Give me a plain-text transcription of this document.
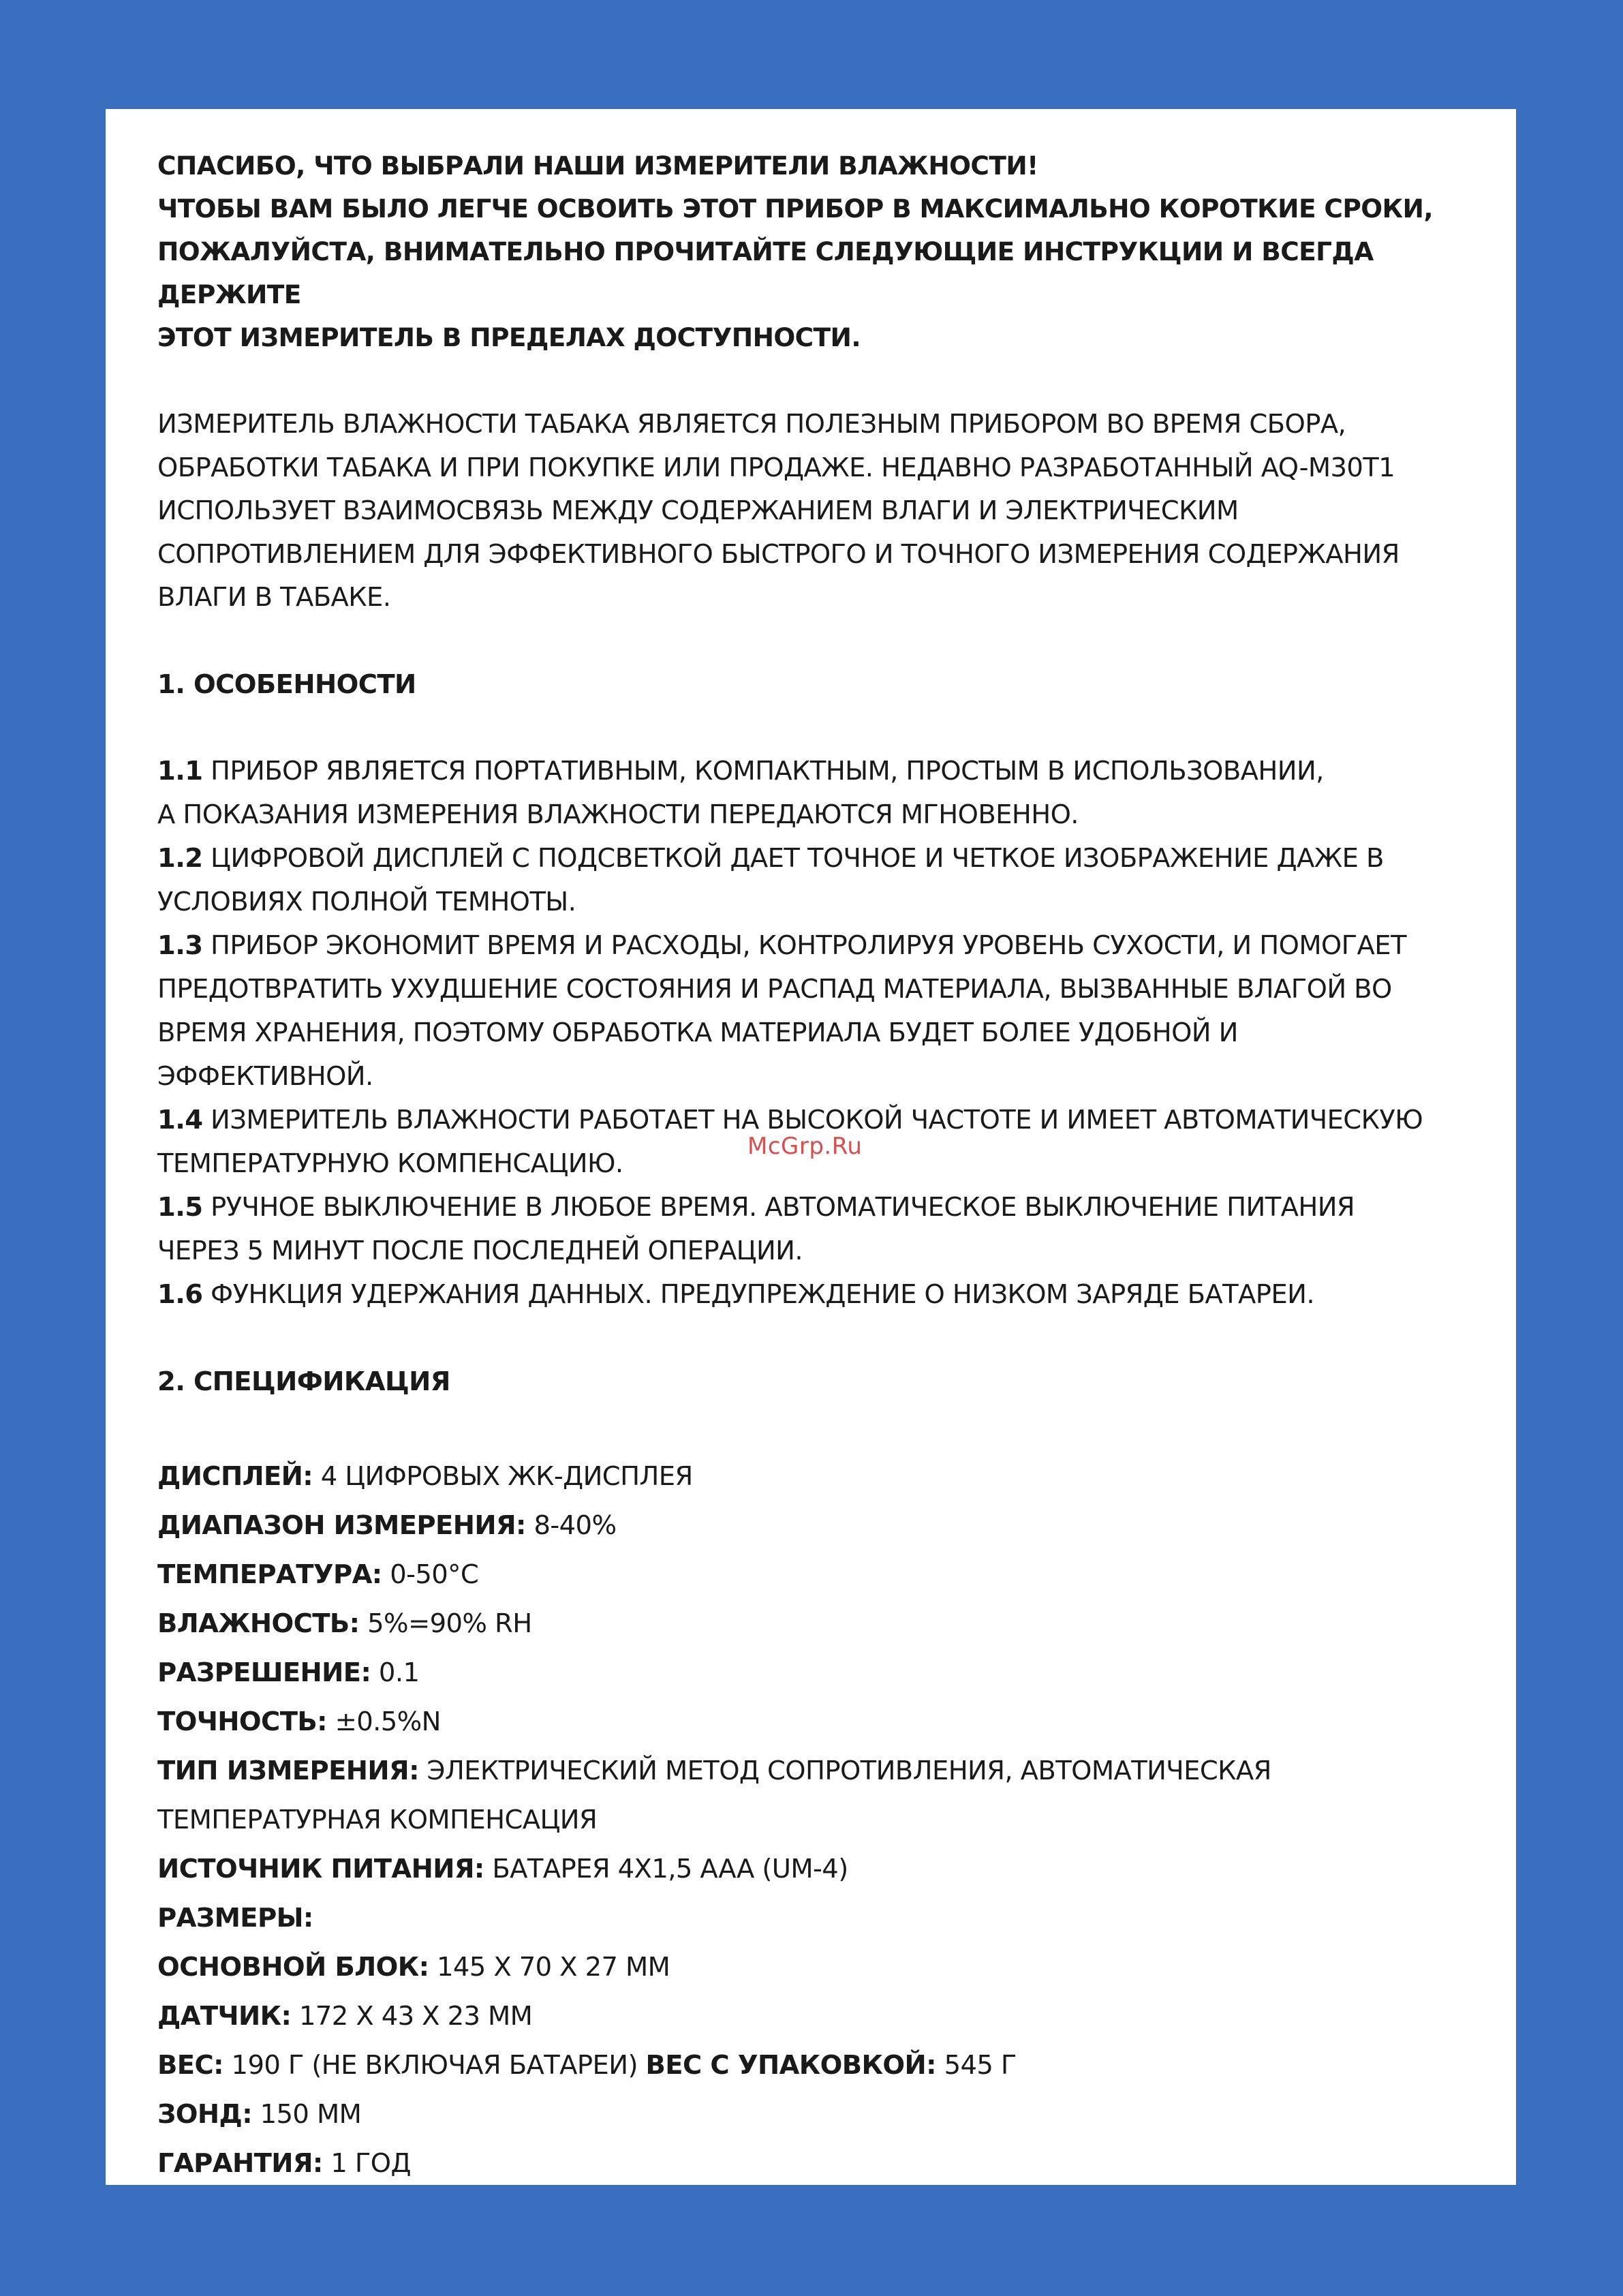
СПАСИБО, ЧТО ВЫБРАЛИ НАШИ ИЗМЕРИТЕЛИ ВЛАЖНОСТИ!

ЧТОБЫ ВАМ БЫЛО ЛЕГЧЕ ОСВОИТЬ ЭТОТ ПРИБОР В МАКСИМАЛЬНО КОРОТКИЕ СРОКИ,

ПОЖАЛУЙСТА, ВНИМАТЕЛЬНО ПРОЧИТАЙТЕ СЛЕДУЮЩИЕ ИНСТРУКЦИИ И ВСЕГДА ДЕРЖИТЕ

ЭТОТ ИЗМЕРИТЕЛЬ В ПРЕДЕЛАХ ДОСТУПНОСТИ.

ИЗМЕРИТЕЛЬ ВЛАЖНОСТИ ТАБАКА ЯВЛЯЕТСЯ ПОЛЕЗНЫМ ПРИБОРОМ ВО ВРЕМЯ СБОРА,

ОБРАБОТКИ ТАБАКА И ПРИ ПОКУПКЕ ИЛИ ПРОДАЖЕ. НЕДАВНО РАЗРАБОТАННЫЙ AQ-M30T1

ИСПОЛЬЗУЕТ ВЗАИМОСВЯЗЬ МЕЖДУ СОДЕРЖАНИЕМ ВЛАГИ И ЭЛЕКТРИЧЕСКИМ

СОПРОТИВЛЕНИЕМ ДЛЯ ЭФФЕКТИВНОГО БЫСТРОГО И ТОЧНОГО ИЗМЕРЕНИЯ СОДЕРЖАНИЯ

ВЛАГИ В ТАБАКЕ.

1. ОСОБЕННОСТИ

1.1 ПРИБОР ЯВЛЯЕТСЯ ПОРТАТИВНЫМ, КОМПАКТНЫМ, ПРОСТЫМ В ИСПОЛЬЗОВАНИИ,

А ПОКАЗАНИЯ ИЗМЕРЕНИЯ ВЛАЖНОСТИ ПЕРЕДАЮТСЯ МГНОВЕННО.

1.2 ЦИФРОВОЙ ДИСПЛЕЙ С ПОДСВЕТКОЙ ДАЕТ ТОЧНОЕ И ЧЕТКОЕ ИЗОБРАЖЕНИЕ ДАЖЕ В

УСЛОВИЯХ ПОЛНОЙ ТЕМНОТЫ.

1.3 ПРИБОР ЭКОНОМИТ ВРЕМЯ И РАСХОДЫ, КОНТРОЛИРУЯ УРОВЕНЬ СУХОСТИ, И ПОМОГАЕТ

ПРЕДОТВРАТИТЬ УХУДШЕНИЕ СОСТОЯНИЯ И РАСПАД МАТЕРИАЛА, ВЫЗВАННЫЕ ВЛАГОЙ ВО

ВРЕМЯ ХРАНЕНИЯ, ПОЭТОМУ ОБРАБОТКА МАТЕРИАЛА БУДЕТ БОЛЕЕ УДОБНОЙ И

ЭФФЕКТИВНОЙ.

1.4 ИЗМЕРИТЕЛЬ ВЛАЖНОСТИ РАБОТАЕТ НА ВЫСОКОЙ ЧАСТОТЕ И ИМЕЕТ АВТОМАТИЧЕСКУЮ

ТЕМПЕРАТУРНУЮ КОМПЕНСАЦИЮ.

1.5 РУЧНОЕ ВЫКЛЮЧЕНИЕ В ЛЮБОЕ ВРЕМЯ. АВТОМАТИЧЕСКОЕ ВЫКЛЮЧЕНИЕ ПИТАНИЯ

ЧЕРЕЗ 5 МИНУТ ПОСЛЕ ПОСЛЕДНЕЙ ОПЕРАЦИИ.

1.6 ФУНКЦИЯ УДЕРЖАНИЯ ДАННЫХ. ПРЕДУПРЕЖДЕНИЕ О НИЗКОМ ЗАРЯДЕ БАТАРЕИ.

2. СПЕЦИФИКАЦИЯ

ДИСПЛЕЙ: 4 ЦИФРОВЫХ ЖК-ДИСПЛЕЯ

ДИАПАЗОН ИЗМЕРЕНИЯ: 8-40%

ТЕМПЕРАТУРА: 0-50°C

ВЛАЖНОСТЬ: 5%=90% RH

РАЗРЕШЕНИЕ: 0.1

ТОЧНОСТЬ: ±0.5%N

ТИП ИЗМЕРЕНИЯ: ЭЛЕКТРИЧЕСКИЙ МЕТОД СОПРОТИВЛЕНИЯ, АВТОМАТИЧЕСКАЯ

ТЕМПЕРАТУРНАЯ КОМПЕНСАЦИЯ

ИСТОЧНИК ПИТАНИЯ: БАТАРЕЯ 4X1,5 AAA (UM-4)

РАЗМЕРЫ:

ОСНОВНОЙ БЛОК: 145 X 70 X 27 MM

ДАТЧИК: 172 X 43 X 23 MM

ВЕС: 190 Г (НЕ ВКЛЮЧАЯ БАТАРЕИ) ВЕС С УПАКОВКОЙ: 545 Г

ЗОНД: 150 MM

ГАРАНТИЯ: 1 ГОД

McGrp.Ru
